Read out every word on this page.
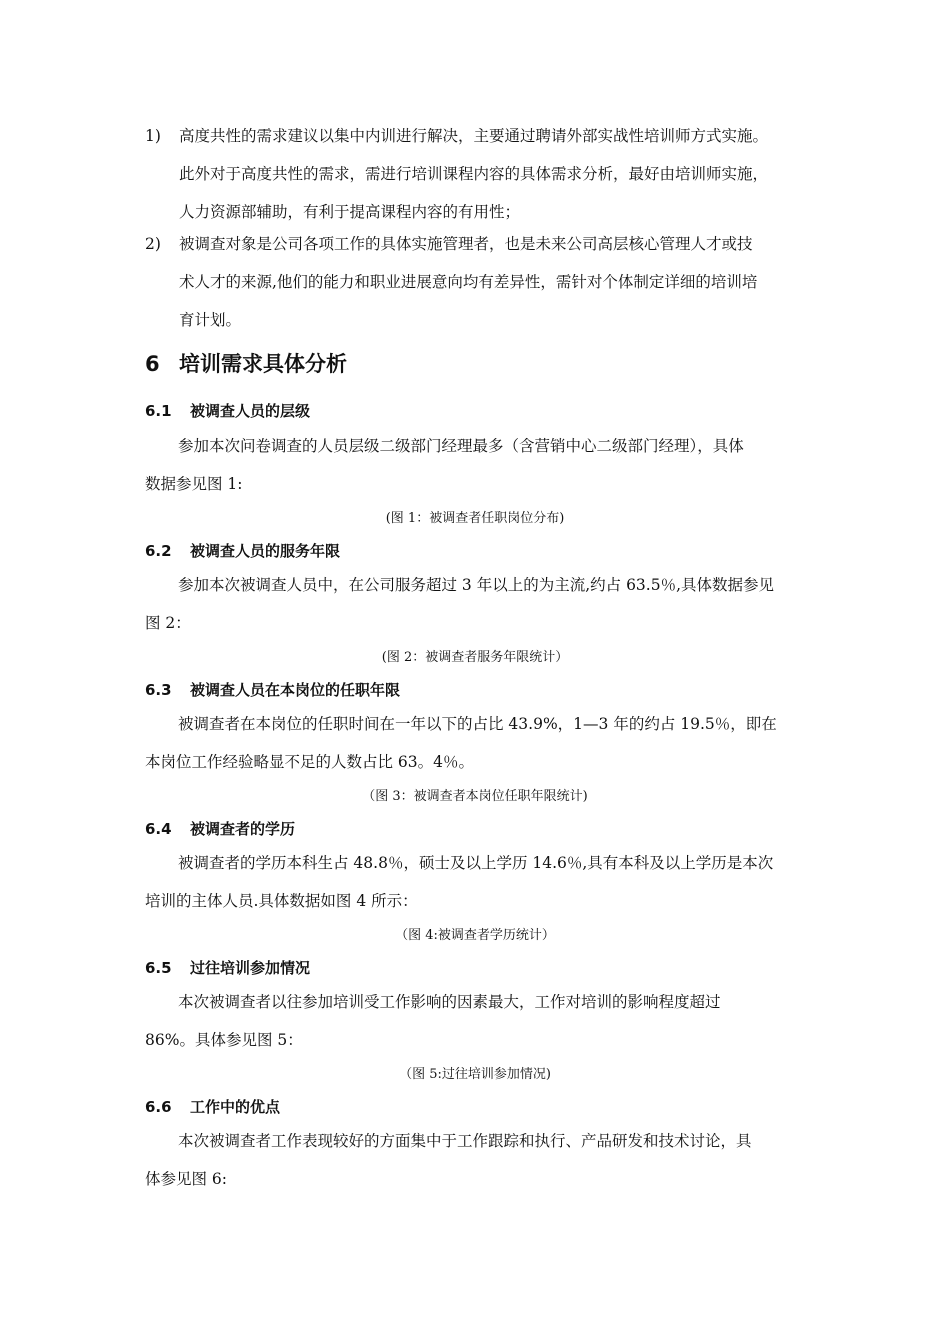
1) 高度共性的需求建议以集中内训进行解决，主要通过聘请外部实战性培训师方式实施。
此外对于高度共性的需求，需进行培训课程内容的具体需求分析，最好由培训师实施，
人力资源部辅助，有利于提高课程内容的有用性；
2) 被调查对象是公司各项工作的具体实施管理者，也是未来公司高层核心管理人才或技
术人才的来源,他们的能力和职业进展意向均有差异性，需针对个体制定详细的培训培
育计划。
6 培训需求具体分析
6.1 被调查人员的层级
参加本次问卷调查的人员层级二级部门经理最多（含营销中心二级部门经理），具体
数据参见图 1:
(图 1：被调查者任职岗位分布)
6.2 被调查人员的服务年限
参加本次被调查人员中，在公司服务超过 3 年以上的为主流,约占 63.5％,具体数据参见
图 2：
(图 2：被调查者服务年限统计）
6.3 被调查人员在本岗位的任职年限
被调查者在本岗位的任职时间在一年以下的占比 43.9%，1—3 年的约占 19.5％，即在
本岗位工作经验略显不足的人数占比 63。4％。
（图 3：被调查者本岗位任职年限统计)
6.4 被调查者的学历
被调查者的学历本科生占 48.8％，硕士及以上学历 14.6％,具有本科及以上学历是本次
培训的主体人员.具体数据如图 4 所示：
（图 4:被调查者学历统计）
6.5 过往培训参加情况
本次被调查者以往参加培训受工作影响的因素最大，工作对培训的影响程度超过
86%。具体参见图 5：
（图 5:过往培训参加情况)
6.6 工作中的优点
本次被调查者工作表现较好的方面集中于工作跟踪和执行、产品研发和技术讨论，具
体参见图 6:
